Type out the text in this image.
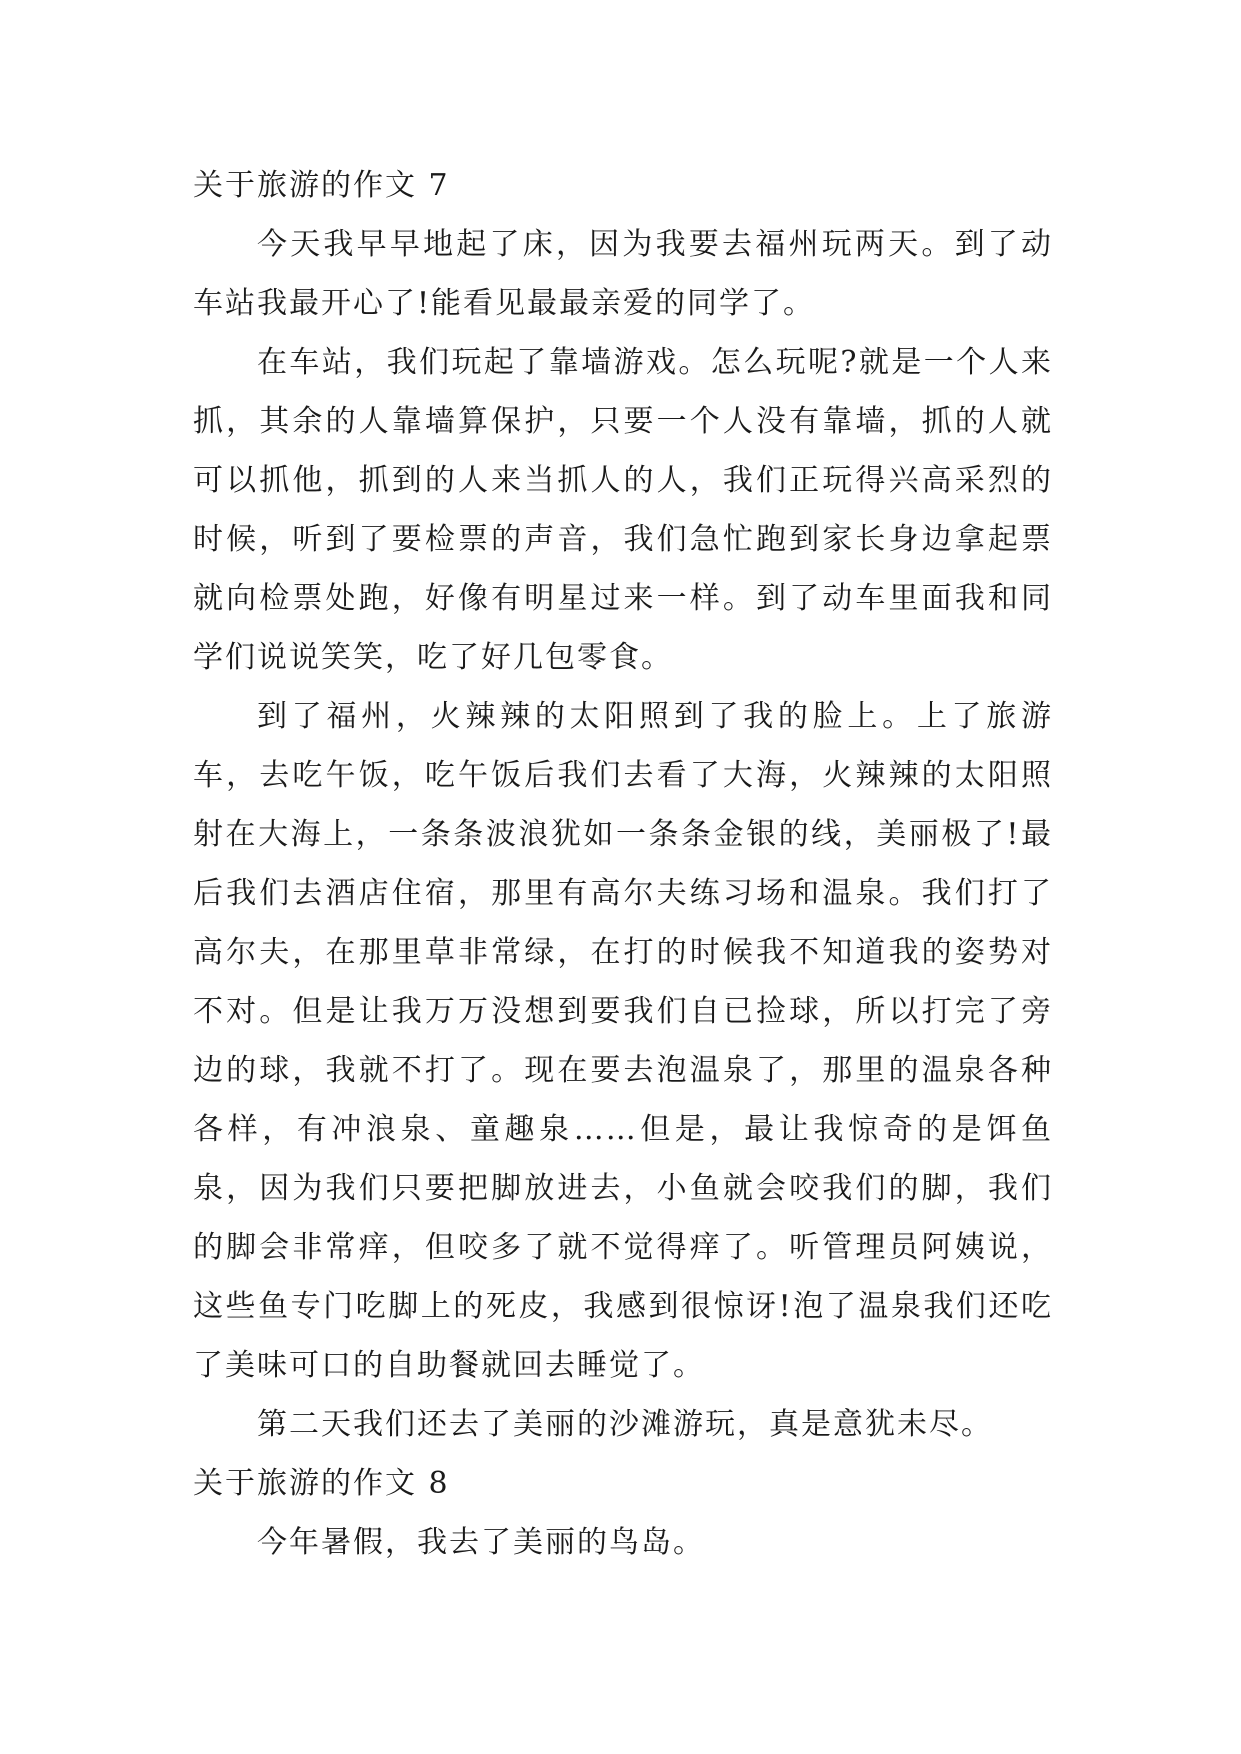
关于旅游的作文 7

今天我早早地起了床，因为我要去福州玩两天。到了动车站我最开心了!能看见最最亲爱的同学了。

在车站，我们玩起了靠墙游戏。怎么玩呢?就是一个人来抓，其余的人靠墙算保护，只要一个人没有靠墙，抓的人就可以抓他，抓到的人来当抓人的人，我们正玩得兴高采烈的时候，听到了要检票的声音，我们急忙跑到家长身边拿起票就向检票处跑，好像有明星过来一样。到了动车里面我和同学们说说笑笑，吃了好几包零食。

到了福州，火辣辣的太阳照到了我的脸上。上了旅游车，去吃午饭，吃午饭后我们去看了大海，火辣辣的太阳照射在大海上，一条条波浪犹如一条条金银的线，美丽极了!最后我们去酒店住宿，那里有高尔夫练习场和温泉。我们打了高尔夫，在那里草非常绿，在打的时候我不知道我的姿势对不对。但是让我万万没想到要我们自已捡球，所以打完了旁边的球，我就不打了。现在要去泡温泉了，那里的温泉各种各样，有冲浪泉、童趣泉……但是，最让我惊奇的是饵鱼泉，因为我们只要把脚放进去，小鱼就会咬我们的脚，我们的脚会非常痒，但咬多了就不觉得痒了。听管理员阿姨说，这些鱼专门吃脚上的死皮，我感到很惊讶!泡了温泉我们还吃了美味可口的自助餐就回去睡觉了。

第二天我们还去了美丽的沙滩游玩，真是意犹未尽。

关于旅游的作文 8

今年暑假，我去了美丽的鸟岛。
